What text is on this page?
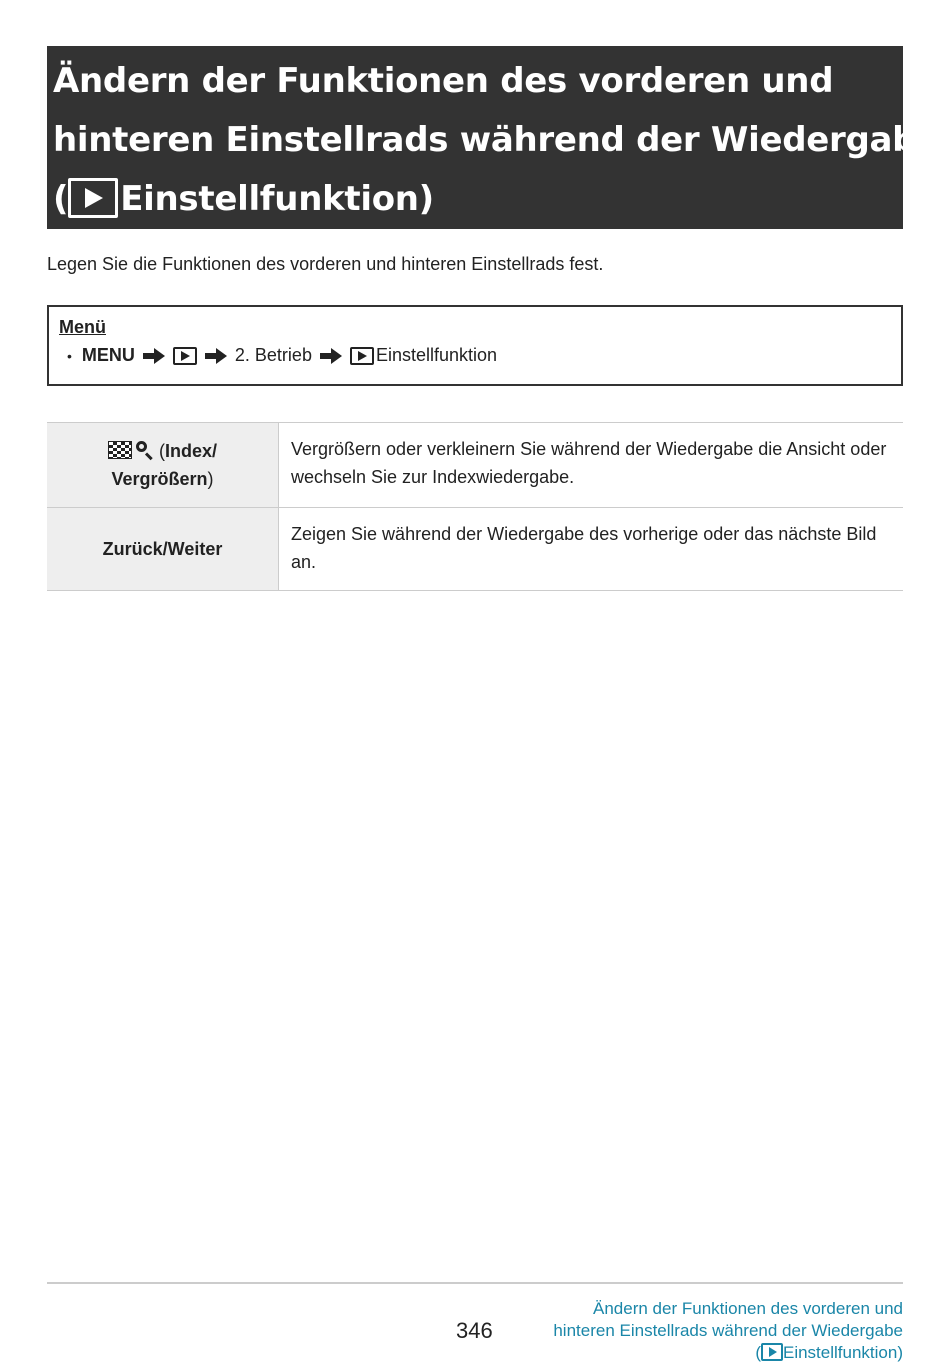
Ändern der Funktionen des vorderen und
hinteren Einstellrads während der Wiedergabe
( Einstellfunktion)
Legen Sie die Funktionen des vorderen und hinteren Einstellrads fest.
Menü
• MENU	2. Betrieb	Einstellfunktion
(Index/
Vergrößern)
Vergrößern oder verkleinern Sie während der Wiedergabe die Ansicht oder wechseln Sie zur Indexwiedergabe.
Zurück/Weiter
Zeigen Sie während der Wiedergabe des vorherige oder das nächste Bild an.
346
Ändern der Funktionen des vorderen und
hinteren Einstellrads während der Wiedergabe
( Einstellfunktion)
